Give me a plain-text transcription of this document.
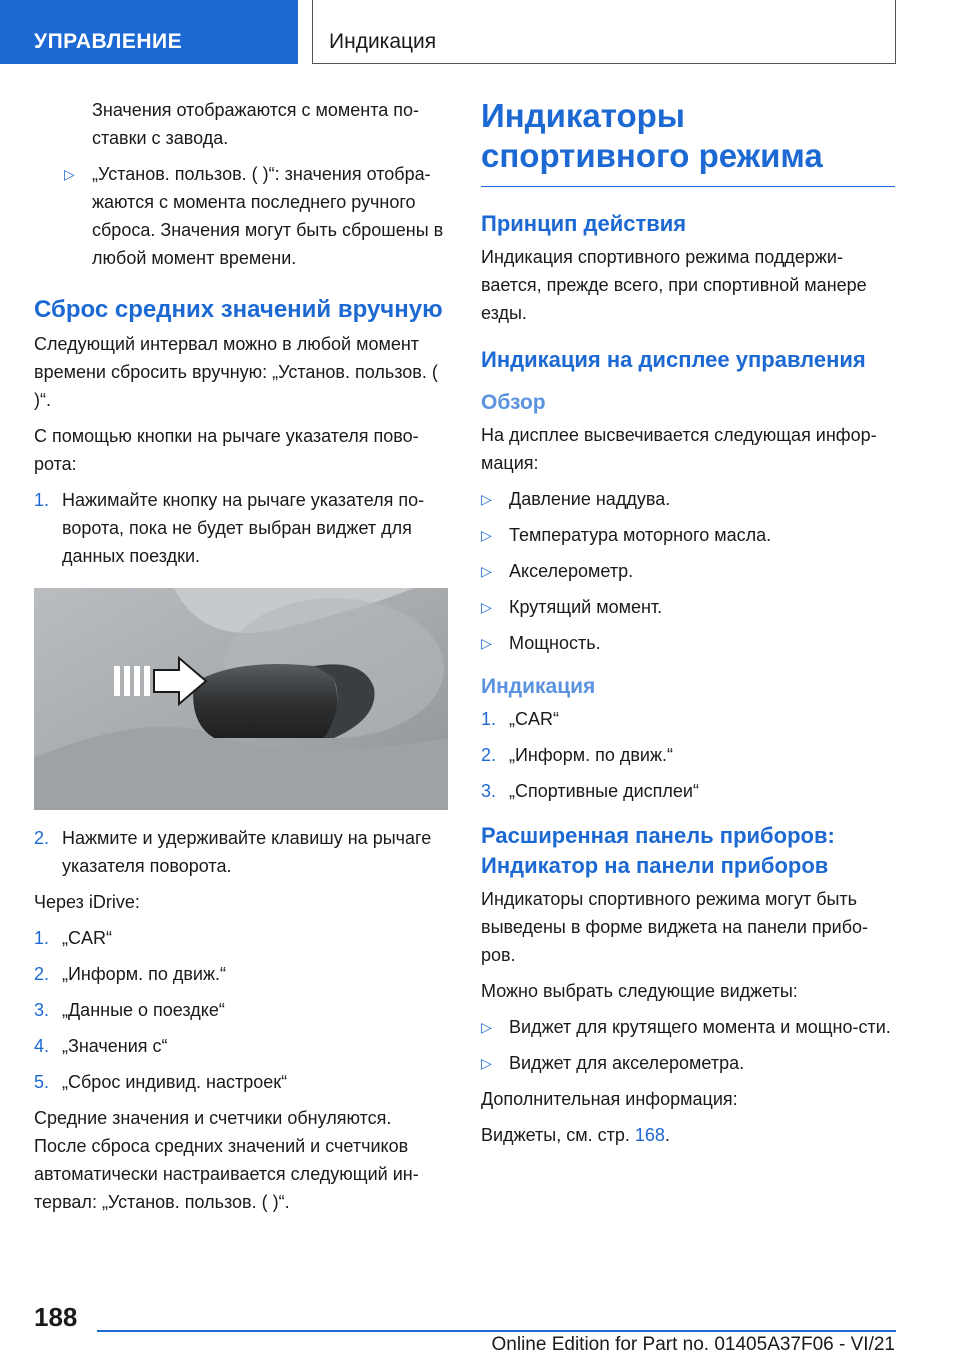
УПРАВЛЕНИЕ	Индикация

Значения отображаются с момента по-ставки с завода.

▷ „Установ. пользов. ( )“: значения отобра-жаются с момента последнего ручного сброса. Значения могут быть сброшены в любой момент времени.
Сброс средних значений вручную

Следующий интервал можно в любой момент времени сбросить вручную: „Установ. пользов. ( )“.

С помощью кнопки на рычаге указателя пово-рота:

1. Нажимайте кнопку на рычаге указателя по-ворота, пока не будет выбран виджет для данных поездки.
2. Нажмите и удерживайте клавишу на рычаге указателя поворота.

Через iDrive:

1. „CAR“
2. „Информ. по движ.“
3. „Данные о поездке“
4. „Значения с“
5. „Сброс индивид. настроек“

Средние значения и счетчики обнуляются. После сброса средних значений и счетчиков автоматически настраивается следующий ин-тервал: „Установ. пользов. ( )“.

Индикаторы спортивного режима
Принцип действия

Индикация спортивного режима поддержи-вается, прежде всего, при спортивной манере езды.

Индикация на дисплее управления
Обзор

На дисплее высвечивается следующая инфор-мация:

▷ Давление наддува.
▷ Температура моторного масла.
▷ Акселерометр.
▷ Крутящий момент.
▷ Мощность.
Индикация
1. „CAR“
2. „Информ. по движ.“
3. „Спортивные дисплеи“
Расширенная панель приборов: Индикатор на панели приборов

Индикаторы спортивного режима могут быть выведены в форме виджета на панели прибо-ров.

Можно выбрать следующие виджеты:

▷ Виджет для крутящего момента и мощно-сти.
▷ Виджет для акселерометра.

Дополнительная информация:

Виджеты, см. стр. 168.

188
Online Edition for Part no. 01405A37F06 - VI/21
